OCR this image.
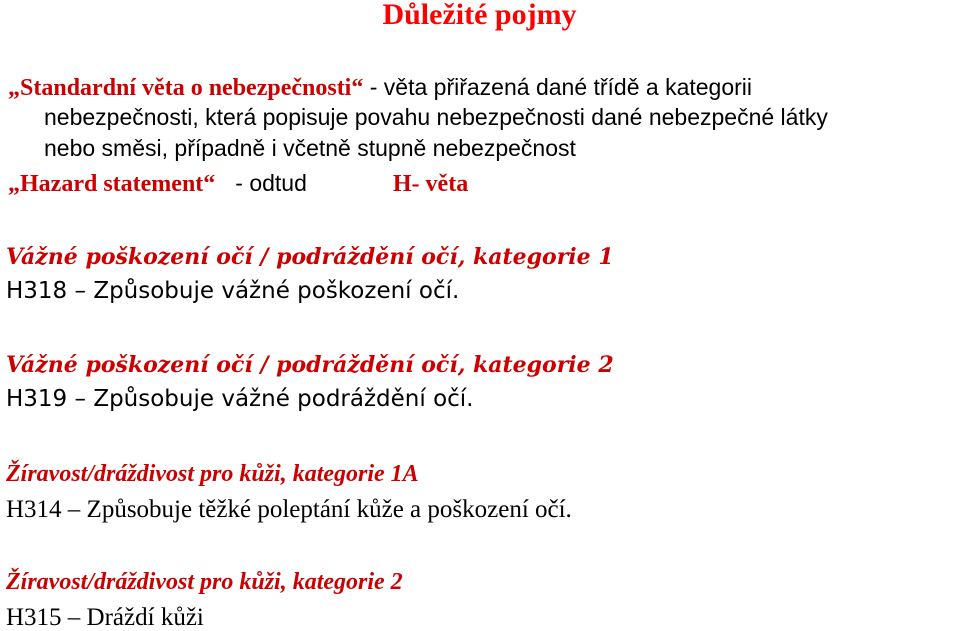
Důležité pojmy
„Standardní věta o nebezpečnosti“ - věta přiřazená dané třídě a kategorii
nebezpečnosti, která popisuje povahu nebezpečnosti dané nebezpečné látky
nebo směsi, případně i včetně stupně nebezpečnost
„Hazard statement“ - odtud	H- věta
Vážné poškození očí / podráždění očí, kategorie 1
H318 – Způsobuje vážné poškození očí.
Vážné poškození očí / podráždění očí, kategorie 2
H319 – Způsobuje vážné podráždění očí.
Žíravost/dráždivost pro kůži, kategorie 1A
H314 – Způsobuje těžké poleptání kůže a poškození očí.
Žíravost/dráždivost pro kůži, kategorie 2
H315 – Dráždí kůži
